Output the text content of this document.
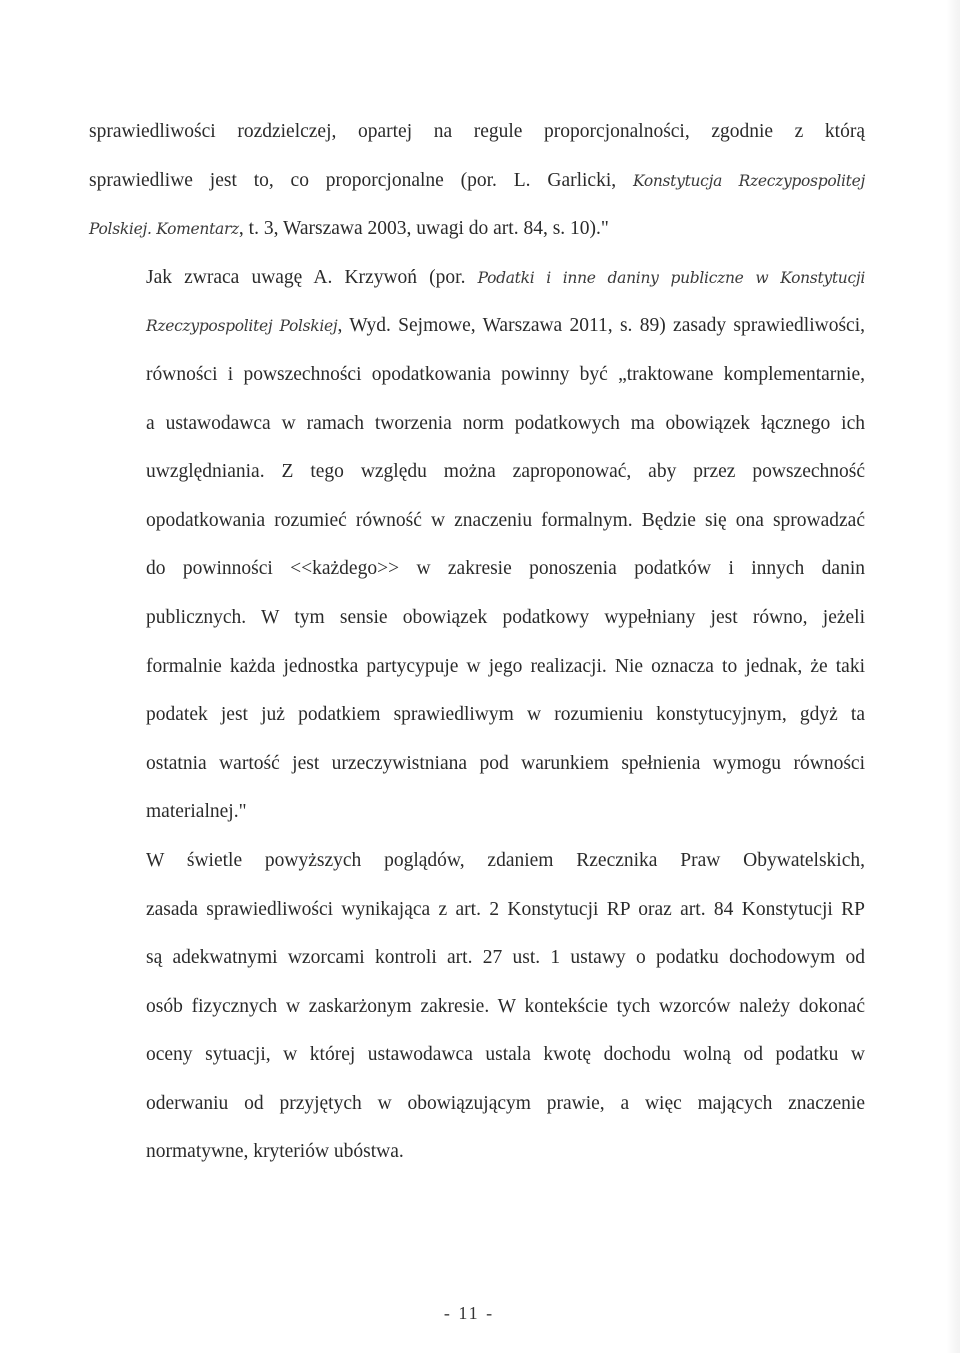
sprawiedliwości rozdzielczej, opartej na regule proporcjonalności, zgodnie z którą
sprawiedliwe jest to, co proporcjonalne (por. L. Garlicki, Konstytucja Rzeczypospolitej
Polskiej. Komentarz, t. 3, Warszawa 2003, uwagi do art. 84, s. 10)."
Jak zwraca uwagę A. Krzywoń (por. Podatki i inne daniny publiczne w Konstytucji
Rzeczypospolitej Polskiej, Wyd. Sejmowe, Warszawa 2011, s. 89) zasady sprawiedliwości,
równości i powszechności opodatkowania powinny być „traktowane komplementarnie,
a ustawodawca w ramach tworzenia norm podatkowych ma obowiązek łącznego ich
uwzględniania. Z tego względu można zaproponować, aby przez powszechność
opodatkowania rozumieć równość w znaczeniu formalnym. Będzie się ona sprowadzać
do powinności <<każdego>> w zakresie ponoszenia podatków i innych danin
publicznych. W tym sensie obowiązek podatkowy wypełniany jest równo, jeżeli
formalnie każda jednostka partycypuje w jego realizacji. Nie oznacza to jednak, że taki
podatek jest już podatkiem sprawiedliwym w rozumieniu konstytucyjnym, gdyż ta
ostatnia wartość jest urzeczywistniana pod warunkiem spełnienia wymogu równości
materialnej."
W świetle powyższych poglądów, zdaniem Rzecznika Praw Obywatelskich,
zasada sprawiedliwości wynikająca z art. 2 Konstytucji RP oraz art. 84 Konstytucji RP
są adekwatnymi wzorcami kontroli art. 27 ust. 1 ustawy o podatku dochodowym od
osób fizycznych w zaskarżonym zakresie. W kontekście tych wzorców należy dokonać
oceny sytuacji, w której ustawodawca ustala kwotę dochodu wolną od podatku w
oderwaniu od przyjętych w obowiązującym prawie, a więc mających znaczenie
normatywne, kryteriów ubóstwa.
- 11 -
